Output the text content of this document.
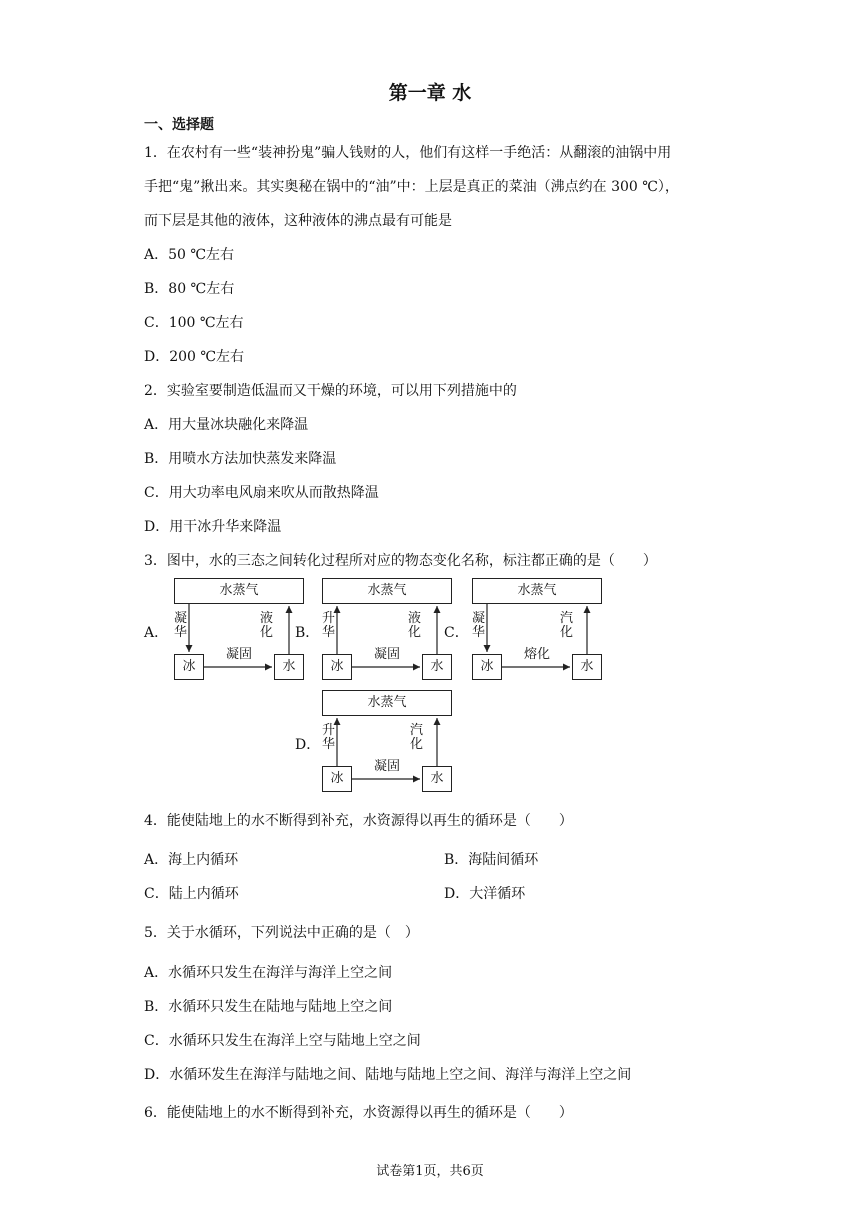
第一章 水
一、选择题
1．在农村有一些“装神扮鬼”骗人钱财的人，他们有这样一手绝活：从翻滚的油锅中用
手把“鬼”揪出来。其实奥秘在锅中的“油”中：上层是真正的菜油（沸点约在 300 ℃），
而下层是其他的液体，这种液体的沸点最有可能是
A．50 ℃左右
B．80 ℃左右
C．100 ℃左右
D．200 ℃左右
2．实验室要制造低温而又干燥的环境，可以用下列措施中的
A．用大量冰块融化来降温
B．用喷水方法加快蒸发来降温
C．用大功率电风扇来吹从而散热降温
D．用干冰升华来降温
3．图中，水的三态之间转化过程所对应的物态变化名称，标注都正确的是（　　）
A．
水蒸气
冰	水
凝华
液化
凝固
B．
水蒸气
冰	水
升华
液化
凝固
C．
水蒸气
冰	水
凝华
汽化
熔化
D．
水蒸气
冰	水
升华
汽化
凝固
4．能使陆地上的水不断得到补充，水资源得以再生的循环是（　　）
A．海上内循环	B．海陆间循环
C．陆上内循环	D．大洋循环
5．关于水循环，下列说法中正确的是（　）
A．水循环只发生在海洋与海洋上空之间
B．水循环只发生在陆地与陆地上空之间
C．水循环只发生在海洋上空与陆地上空之间
D．水循环发生在海洋与陆地之间、陆地与陆地上空之间、海洋与海洋上空之间
6．能使陆地上的水不断得到补充，水资源得以再生的循环是（　　）
试卷第1页，共6页
